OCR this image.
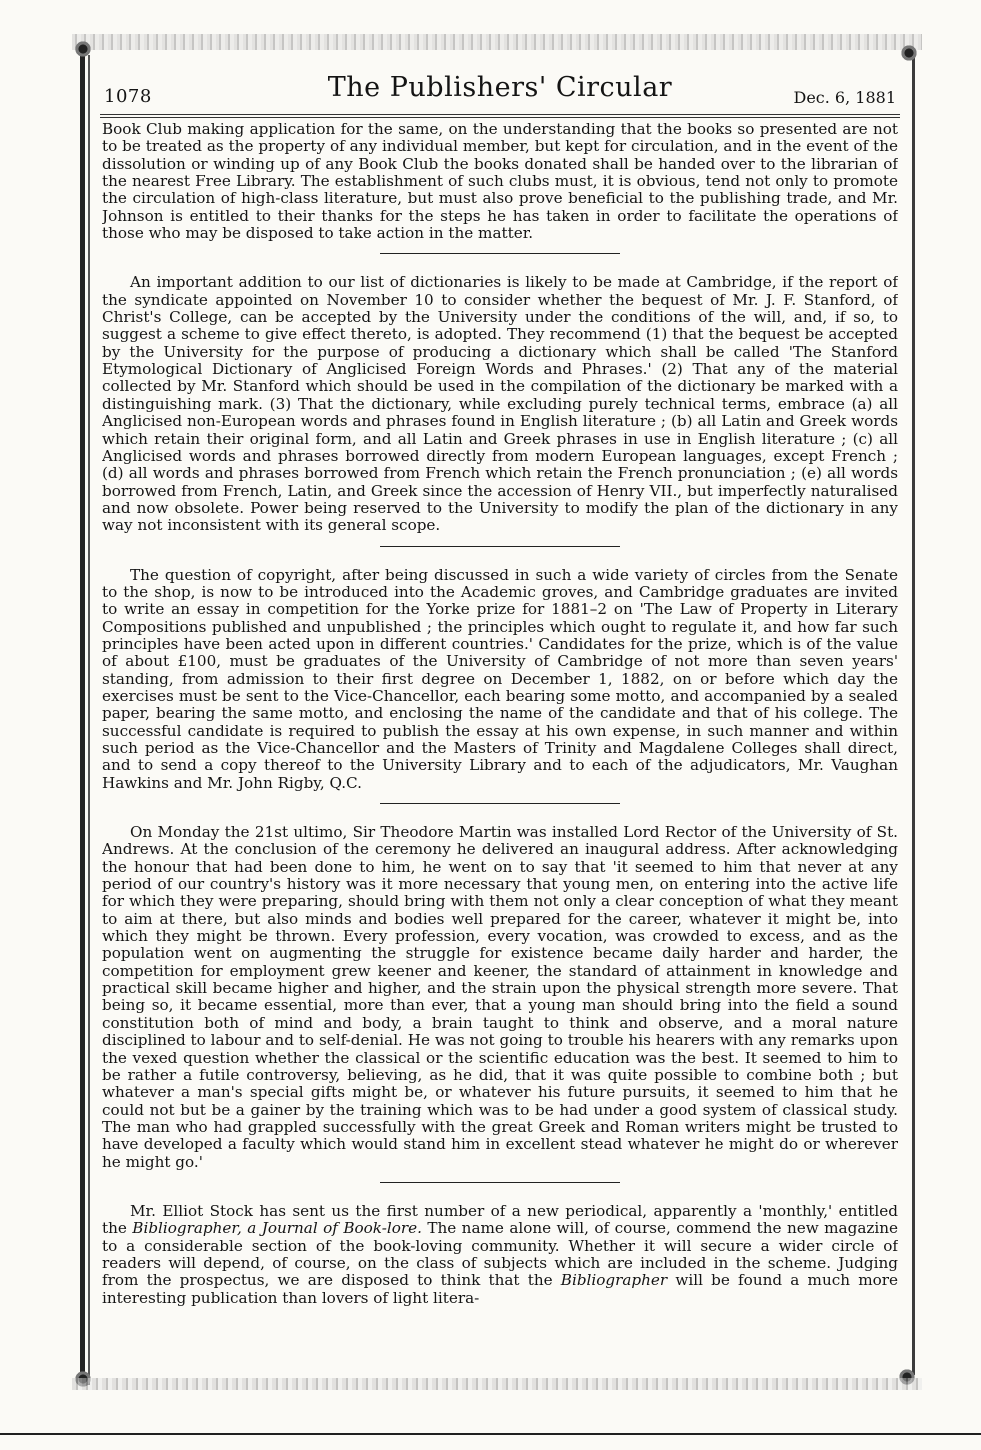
1078	The Publishers' Circular	Dec. 6, 1881

Book Club making application for the same, on the understanding that the books so presented are not to be treated as the property of any individual member, but kept for circulation, and in the event of the dissolution or winding up of any Book Club the books donated shall be handed over to the librarian of the nearest Free Library. The establishment of such clubs must, it is obvious, tend not only to promote the circulation of high-class literature, but must also prove beneficial to the publishing trade, and Mr. Johnson is entitled to their thanks for the steps he has taken in order to facilitate the operations of those who may be disposed to take action in the matter.

An important addition to our list of dictionaries is likely to be made at Cambridge, if the report of the syndicate appointed on November 10 to consider whether the bequest of Mr. J. F. Stanford, of Christ's College, can be accepted by the University under the conditions of the will, and, if so, to suggest a scheme to give effect thereto, is adopted. They recommend (1) that the bequest be accepted by the University for the purpose of producing a dictionary which shall be called 'The Stanford Etymological Dictionary of Anglicised Foreign Words and Phrases.' (2) That any of the material collected by Mr. Stanford which should be used in the compilation of the dictionary be marked with a distinguishing mark. (3) That the dictionary, while excluding purely technical terms, embrace (a) all Anglicised non-European words and phrases found in English literature ; (b) all Latin and Greek words which retain their original form, and all Latin and Greek phrases in use in English literature ; (c) all Anglicised words and phrases borrowed directly from modern European languages, except French ; (d) all words and phrases borrowed from French which retain the French pronunciation ; (e) all words borrowed from French, Latin, and Greek since the accession of Henry VII., but imperfectly naturalised and now obsolete. Power being reserved to the University to modify the plan of the dictionary in any way not inconsistent with its general scope.

The question of copyright, after being discussed in such a wide variety of circles from the Senate to the shop, is now to be introduced into the Academic groves, and Cambridge graduates are invited to write an essay in competition for the Yorke prize for 1881–2 on 'The Law of Property in Literary Compositions published and unpublished ; the principles which ought to regulate it, and how far such principles have been acted upon in different countries.' Candidates for the prize, which is of the value of about £100, must be graduates of the University of Cambridge of not more than seven years' standing, from admission to their first degree on December 1, 1882, on or before which day the exercises must be sent to the Vice-Chancellor, each bearing some motto, and accompanied by a sealed paper, bearing the same motto, and enclosing the name of the candidate and that of his college. The successful candidate is required to publish the essay at his own expense, in such manner and within such period as the Vice-Chancellor and the Masters of Trinity and Magdalene Colleges shall direct, and to send a copy thereof to the University Library and to each of the adjudicators, Mr. Vaughan Hawkins and Mr. John Rigby, Q.C.

On Monday the 21st ultimo, Sir Theodore Martin was installed Lord Rector of the University of St. Andrews. At the conclusion of the ceremony he delivered an inaugural address. After acknowledging the honour that had been done to him, he went on to say that 'it seemed to him that never at any period of our country's history was it more necessary that young men, on entering into the active life for which they were preparing, should bring with them not only a clear conception of what they meant to aim at there, but also minds and bodies well prepared for the career, whatever it might be, into which they might be thrown. Every profession, every vocation, was crowded to excess, and as the population went on augmenting the struggle for existence became daily harder and harder, the competition for employment grew keener and keener, the standard of attainment in knowledge and practical skill became higher and higher, and the strain upon the physical strength more severe. That being so, it became essential, more than ever, that a young man should bring into the field a sound constitution both of mind and body, a brain taught to think and observe, and a moral nature disciplined to labour and to self-denial. He was not going to trouble his hearers with any remarks upon the vexed question whether the classical or the scientific education was the best. It seemed to him to be rather a futile controversy, believing, as he did, that it was quite possible to combine both ; but whatever a man's special gifts might be, or whatever his future pursuits, it seemed to him that he could not but be a gainer by the training which was to be had under a good system of classical study. The man who had grappled successfully with the great Greek and Roman writers might be trusted to have developed a faculty which would stand him in excellent stead whatever he might do or wherever he might go.'

Mr. Elliot Stock has sent us the first number of a new periodical, apparently a 'monthly,' entitled the Bibliographer, a Journal of Book-lore. The name alone will, of course, commend the new magazine to a considerable section of the book-loving community. Whether it will secure a wider circle of readers will depend, of course, on the class of subjects which are included in the scheme. Judging from the prospectus, we are disposed to think that the Bibliographer will be found a much more interesting publication than lovers of light litera-
